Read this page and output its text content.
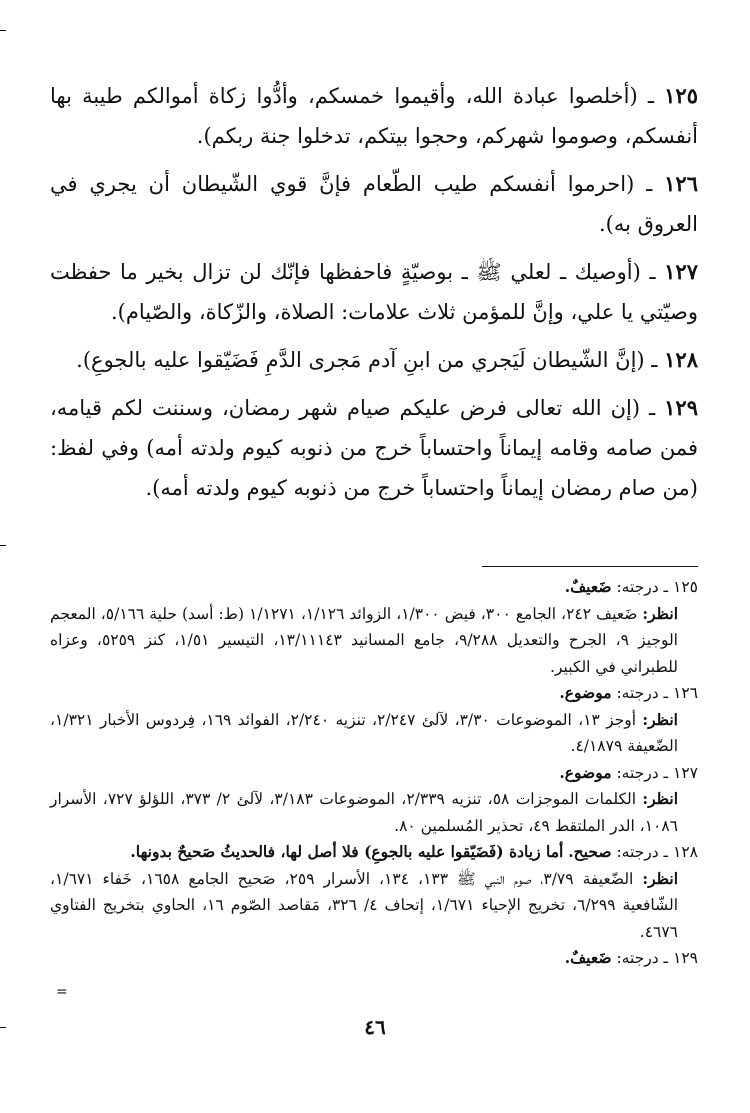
١٢٥ ـ (أخلصوا عبادة الله، وأقيموا خمسكم، وأدُّوا زكاة أموالكم طيبة بها أنفسكم، وصوموا شهركم، وحجوا بيتكم، تدخلوا جنة ربكم).

١٢٦ ـ (احرموا أنفسكم طيب الطّعام فإنَّ قوي الشّيطان أن يجري في العروق به).

١٢٧ ـ (أوصيك ـ لعلي ﷺ ـ بوصيّةٍ فاحفظها فإنّك لن تزال بخير ما حفظت وصيّتي يا علي، وإنَّ للمؤمن ثلاث علامات: الصلاة، والزّكاة، والصّيام).

١٢٨ ـ (إنَّ الشّيطان لَيَجري من ابنِ آدم مَجرى الدَّمِ فَضَيّقوا عليه بالجوعِ).

١٢٩ ـ (إن الله تعالى فرض عليكم صيام شهر رمضان، وسننت لكم قيامه، فمن صامه وقامه إيماناً واحتساباً خرج من ذنوبه كيوم ولدته أمه) وفي لفظ: (من صام رمضان إيماناً واحتساباً خرج من ذنوبه كيوم ولدته أمه).

١٢٥ ـ درجته: ضَعيفٌ.

انظر: ضَعيف ٢٤٢، الجامع ٣٠٠، فيض ١/٣٠٠، الزوائد ١/١٢٦، ١/١٢٧١ (ط: أسد) حلية ٥/١٦٦، المعجم الوجيز ٩، الجرح والتعديل ٩/٢٨٨، جامع المسانيد ١٣/١١١٤٣، التيسير ١/٥١، كنز ٥٢٥٩، وعزاه للطبراني في الكبير.

١٢٦ ـ درجته: موضوع.

انظر: أوجز ١٣، الموضوعات ٣/٣٠، لآلئ ٢/٢٤٧، تنزيه ٢/٢٤٠، الفوائد ١٦٩، فِردوس الأخبار ١/٣٢١، الضّعيفة ٤/١٨٧٩.

١٢٧ ـ درجته: موضوع.

انظر: الكلمات الموجزات ٥٨، تنزيه ٢/٣٣٩، الموضوعات ٣/١٨٣، لآلئ ٢/ ٣٧٣، اللؤلؤ ٧٢٧، الأسرار ١٠٨٦، الدر الملتقط ٤٩، تحذير المُسلمين ٨٠.

١٢٨ ـ درجته: صحيح. أما زيادة (فَضَيّقوا عليه بالجوعِ) فلا أصل لها، فالحديثُ صَحيحٌ بدونها.

انظر: الضّعيفة ٣/٧٩، صوم النبي ﷺ ١٣٣، ١٣٤، الأسرار ٢٥٩، صَحيح الجامع ١٦٥٨، خَفاء ١/٦٧١، الشّافعية ٦/٢٩٩، تخريج الإحياء ١/٦٧١، إتحاف ٤/ ٣٢٦، مَقاصد الصّوم ١٦، الحاوي بتخريج الفتاوي ٤٦٧٦.

١٢٩ ـ درجته: ضَعيفٌ.

=
٤٦
